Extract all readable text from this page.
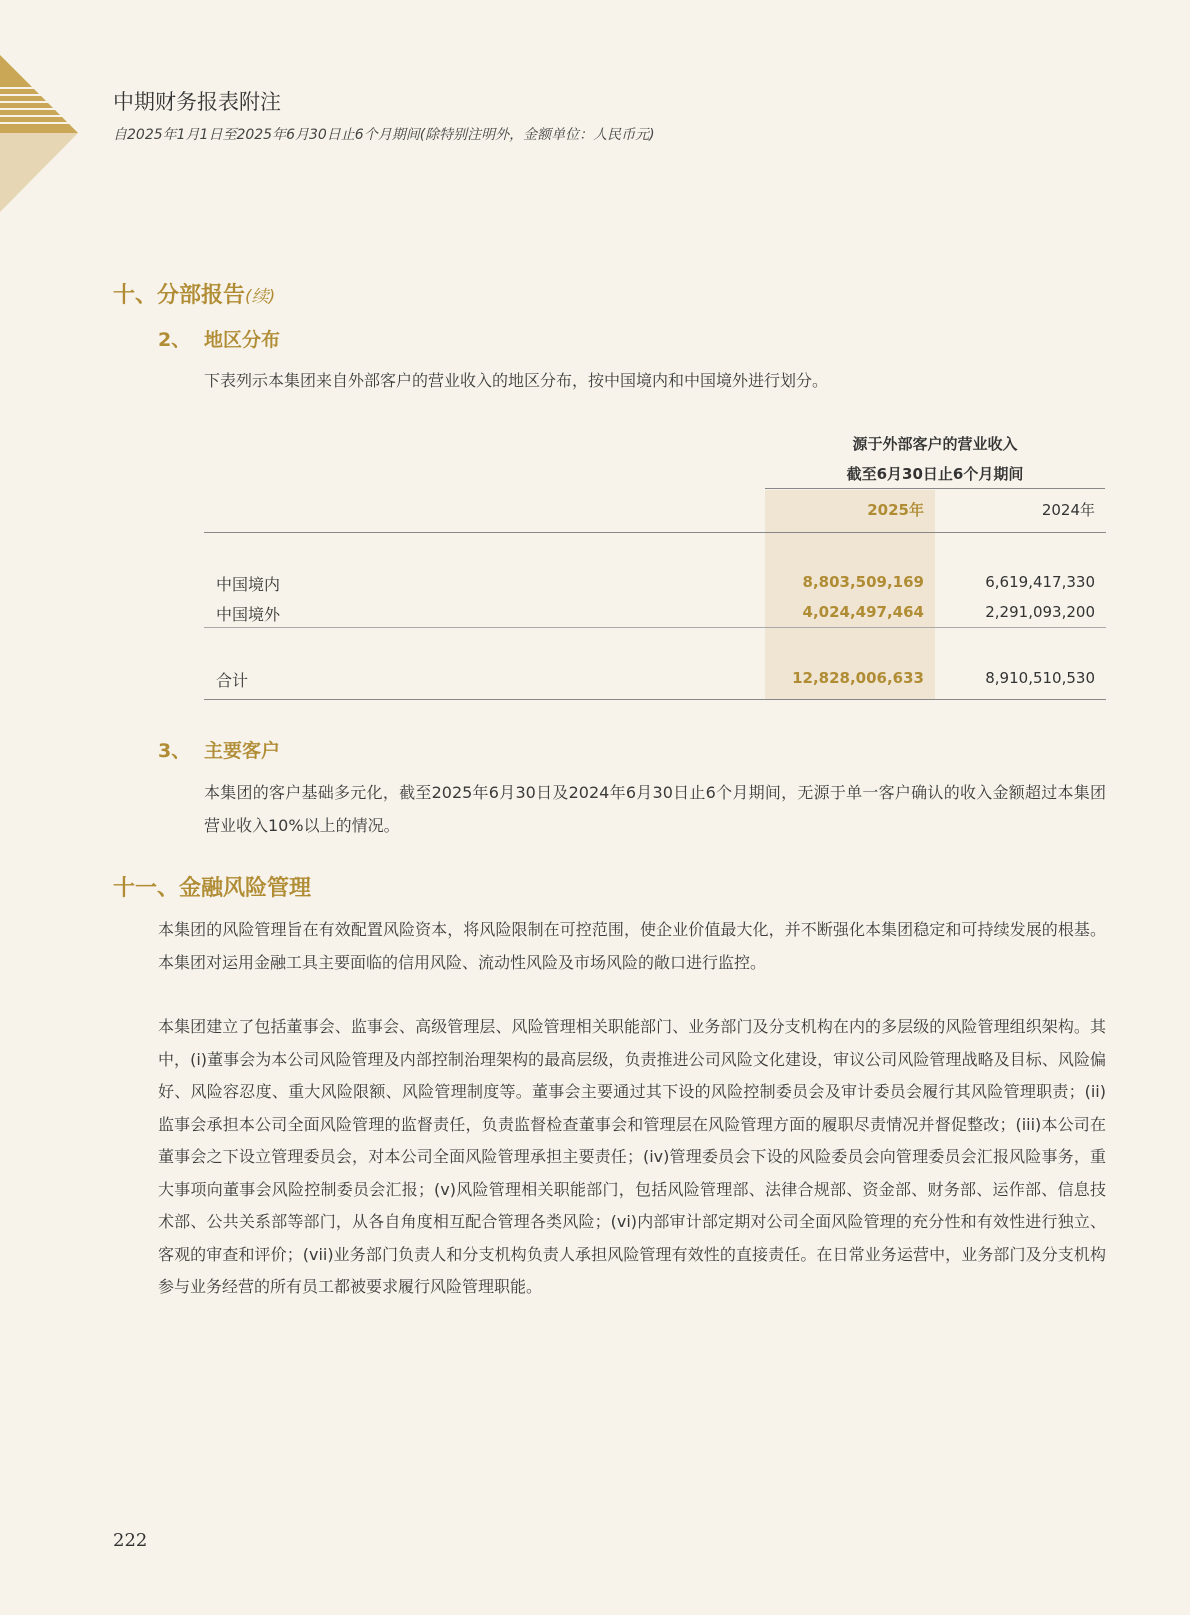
中期财务报表附注
自2025年1月1日至2025年6月30日止6个月期间(除特别注明外，金额单位：人民币元)
十、分部报告(续)
2、 地区分布
下表列示本集团来自外部客户的营业收入的地区分布，按中国境内和中国境外进行划分。
源于外部客户的营业收入
截至6月30日止6个月期间
2025年	2024年
中国境内	8,803,509,169	6,619,417,330
中国境外	4,024,497,464	2,291,093,200
合计	12,828,006,633	8,910,510,530
3、 主要客户
本集团的客户基础多元化，截至2025年6月30日及2024年6月30日止6个月期间，无源于单一客户确认的收入金额超过本集团营业收入10%以上的情况。
十一、金融风险管理
本集团的风险管理旨在有效配置风险资本，将风险限制在可控范围，使企业价值最大化，并不断强化本集团稳定和可持续发展的根基。本集团对运用金融工具主要面临的信用风险、流动性风险及市场风险的敞口进行监控。
本集团建立了包括董事会、监事会、高级管理层、风险管理相关职能部门、业务部门及分支机构在内的多层级的风险管理组织架构。其中，(i)董事会为本公司风险管理及内部控制治理架构的最高层级，负责推进公司风险文化建设，审议公司风险管理战略及目标、风险偏好、风险容忍度、重大风险限额、风险管理制度等。董事会主要通过其下设的风险控制委员会及审计委员会履行其风险管理职责；(ii)监事会承担本公司全面风险管理的监督责任，负责监督检查董事会和管理层在风险管理方面的履职尽责情况并督促整改；(iii)本公司在董事会之下设立管理委员会，对本公司全面风险管理承担主要责任；(iv)管理委员会下设的风险委员会向管理委员会汇报风险事务，重大事项向董事会风险控制委员会汇报；(v)风险管理相关职能部门，包括风险管理部、法律合规部、资金部、财务部、运作部、信息技术部、公共关系部等部门，从各自角度相互配合管理各类风险；(vi)内部审计部定期对公司全面风险管理的充分性和有效性进行独立、客观的审查和评价；(vii)业务部门负责人和分支机构负责人承担风险管理有效性的直接责任。在日常业务运营中，业务部门及分支机构参与业务经营的所有员工都被要求履行风险管理职能。
222
